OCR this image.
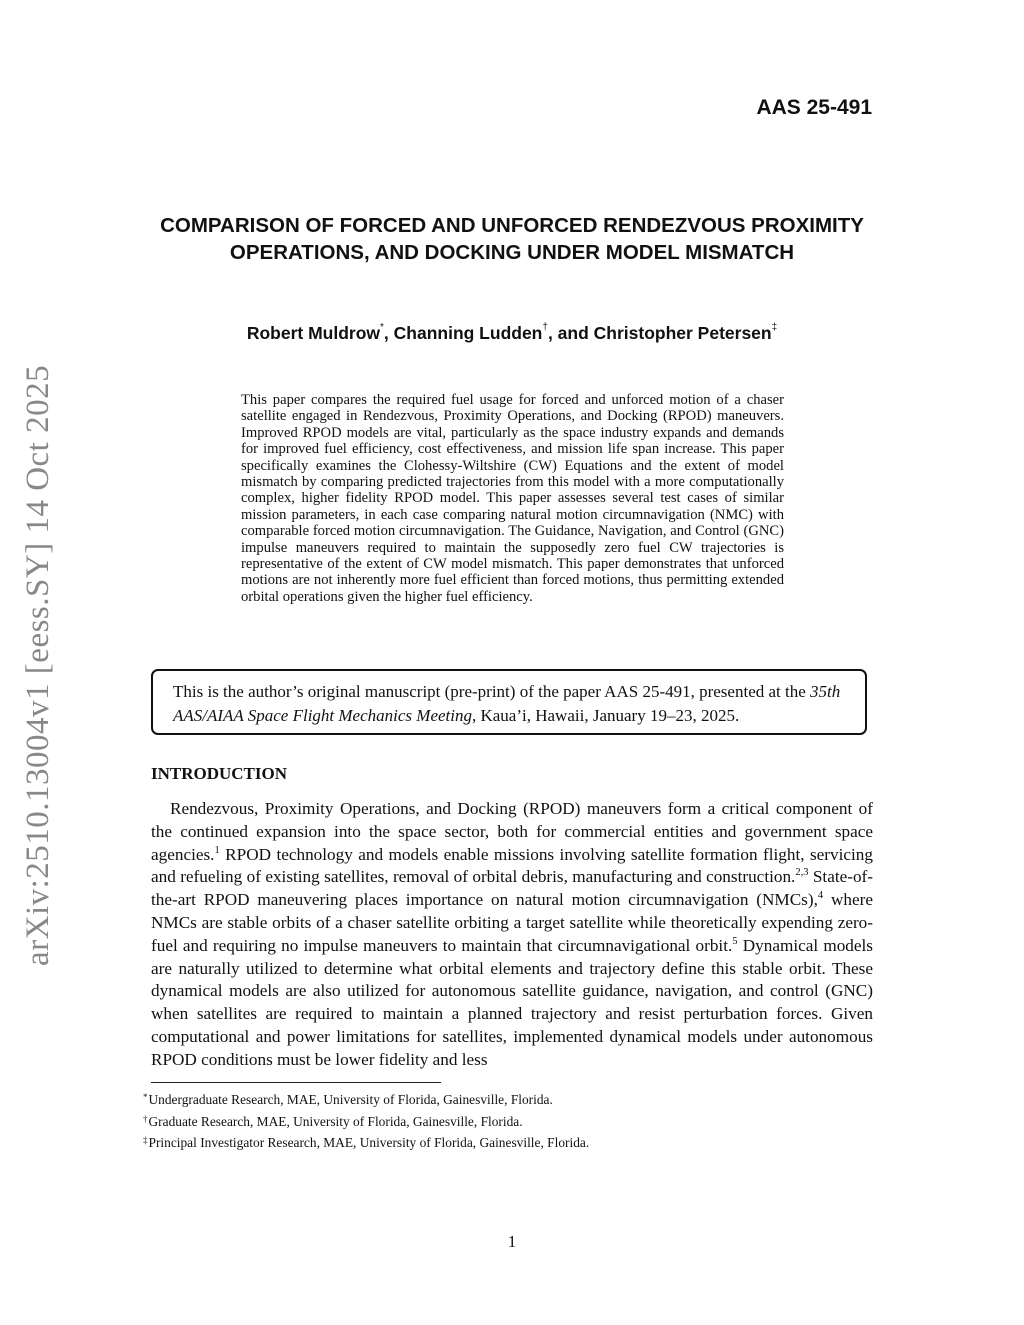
arXiv:2510.13004v1 [eess.SY] 14 Oct 2025
AAS 25-491
COMPARISON OF FORCED AND UNFORCED RENDEZVOUS PROXIMITY OPERATIONS, AND DOCKING UNDER MODEL MISMATCH
Robert Muldrow*, Channing Ludden†, and Christopher Petersen‡

This paper compares the required fuel usage for forced and unforced motion of a chaser satellite engaged in Rendezvous, Proximity Operations, and Docking (RPOD) maneuvers. Improved RPOD models are vital, particularly as the space industry expands and demands for improved fuel efficiency, cost effectiveness, and mission life span increase. This paper specifically examines the Clohessy-Wiltshire (CW) Equations and the extent of model mismatch by comparing predicted trajectories from this model with a more computationally complex, higher fidelity RPOD model. This paper assesses several test cases of similar mission parameters, in each case comparing natural motion circumnavigation (NMC) with comparable forced motion circumnavigation. The Guidance, Navigation, and Control (GNC) impulse maneuvers required to maintain the supposedly zero fuel CW trajectories is representative of the extent of CW model mismatch. This paper demonstrates that unforced motions are not inherently more fuel efficient than forced motions, thus permitting extended orbital operations given the higher fuel efficiency.

This is the author’s original manuscript (pre-print) of the paper AAS 25-491, presented at the 35th AAS/AIAA Space Flight Mechanics Meeting, Kaua’i, Hawaii, January 19–23, 2025.
INTRODUCTION

Rendezvous, Proximity Operations, and Docking (RPOD) maneuvers form a critical component of the continued expansion into the space sector, both for commercial entities and government space agencies.$^1$ RPOD technology and models enable missions involving satellite formation flight, servicing and refueling of existing satellites, removal of orbital debris, manufacturing and construction.$^{2,3}$ State-of-the-art RPOD maneuvering places importance on natural motion circumnavigation (NMCs),$^4$ where NMCs are stable orbits of a chaser satellite orbiting a target satellite while theoretically expending zero-fuel and requiring no impulse maneuvers to maintain that circumnavigational orbit.$^5$ Dynamical models are naturally utilized to determine what orbital elements and trajectory define this stable orbit. These dynamical models are also utilized for autonomous satellite guidance, navigation, and control (GNC) when satellites are required to maintain a planned trajectory and resist perturbation forces. Given computational and power limitations for satellites, implemented dynamical models under autonomous RPOD conditions must be lower fidelity and less

*Undergraduate Research, MAE, University of Florida, Gainesville, Florida.
†Graduate Research, MAE, University of Florida, Gainesville, Florida.
‡Principal Investigator Research, MAE, University of Florida, Gainesville, Florida.
1
